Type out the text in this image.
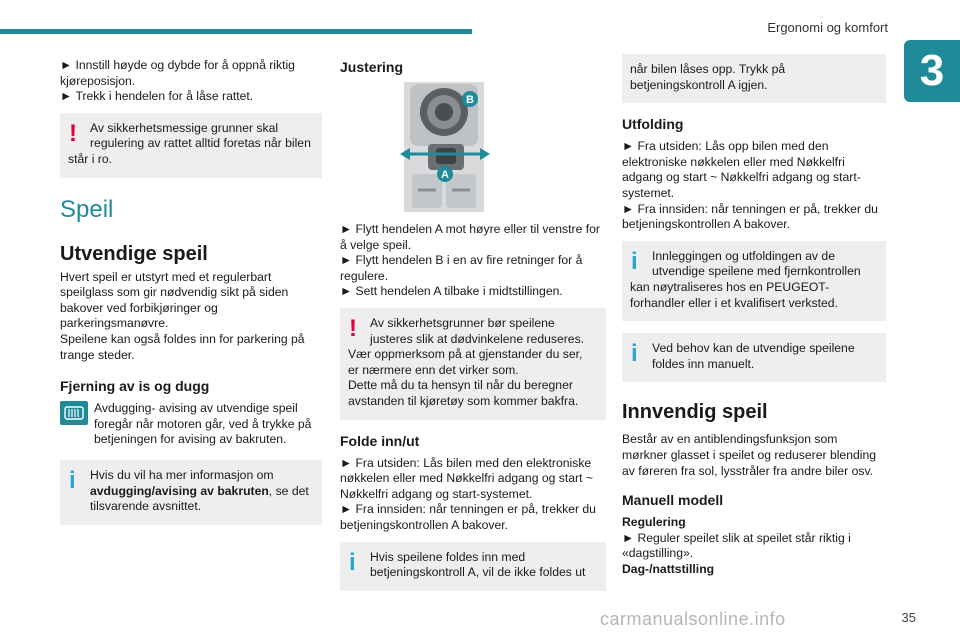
Ergonomi og komfort
3

► Innstill høyde og dybde for å oppnå riktig kjøreposisjon.

► Trekk i hendelen for å låse rattet.

!	Av sikkerhetsmessige grunner skal

regulering av rattet alltid foretas når bilen står i ro.

Speil
Utvendige speil

Hvert speil er utstyrt med et regulerbart speilglass som gir nødvendig sikt på siden bakover ved forbikjøringer og parkeringsmanøvre.

Speilene kan også foldes inn for parkering på trange steder.

Fjerning av is og dugg

Avdugging- avising av utvendige speil foregår når motoren går, ved å trykke på betjeningen for avising av bakruten.

i	Hvis du vil ha mer informasjon om avdugging/avising av bakruten, se det tilsvarende avsnittet.

Justering
B
A

► Flytt hendelen A mot høyre eller til venstre for å velge speil.

► Flytt hendelen B i en av fire retninger for å regulere.

► Sett hendelen A tilbake i midtstillingen.

!	Av sikkerhetsgrunner bør speilene

justeres slik at dødvinkelene reduseres.

Vær oppmerksom på at gjenstander du ser, er nærmere enn det virker som.

Dette må du ta hensyn til når du beregner avstanden til kjøretøy som kommer bakfra.

Folde inn/ut

► Fra utsiden: Lås bilen med den elektroniske nøkkelen eller med Nøkkelfri adgang og start ~ Nøkkelfri adgang og start-systemet.

► Fra innsiden: når tenningen er på, trekker du betjeningskontrollen A bakover.

i	Hvis speilene foldes inn med

betjeningskontroll A, vil de ikke foldes ut

når bilen låses opp. Trykk på betjeningskontroll A igjen.

Utfolding

► Fra utsiden: Lås opp bilen med den elektroniske nøkkelen eller med Nøkkelfri adgang og start ~ Nøkkelfri adgang og start-systemet.

► Fra innsiden: når tenningen er på, trekker du betjeningskontrollen A bakover.

i	Innleggingen og utfoldingen av de

utvendige speilene med fjernkontrollen kan nøytraliseres hos en PEUGEOT-forhandler eller i et kvalifisert verksted.

i	Ved behov kan de utvendige speilene

foldes inn manuelt.

Innvendig speil

Består av en antiblendingsfunksjon som mørkner glasset i speilet og reduserer blending av føreren fra sol, lysstråler fra andre biler osv.

Manuell modell

Regulering

► Reguler speilet slik at speilet står riktig i «dagstilling».

Dag-/nattstilling

carmanualsonline.info	35
